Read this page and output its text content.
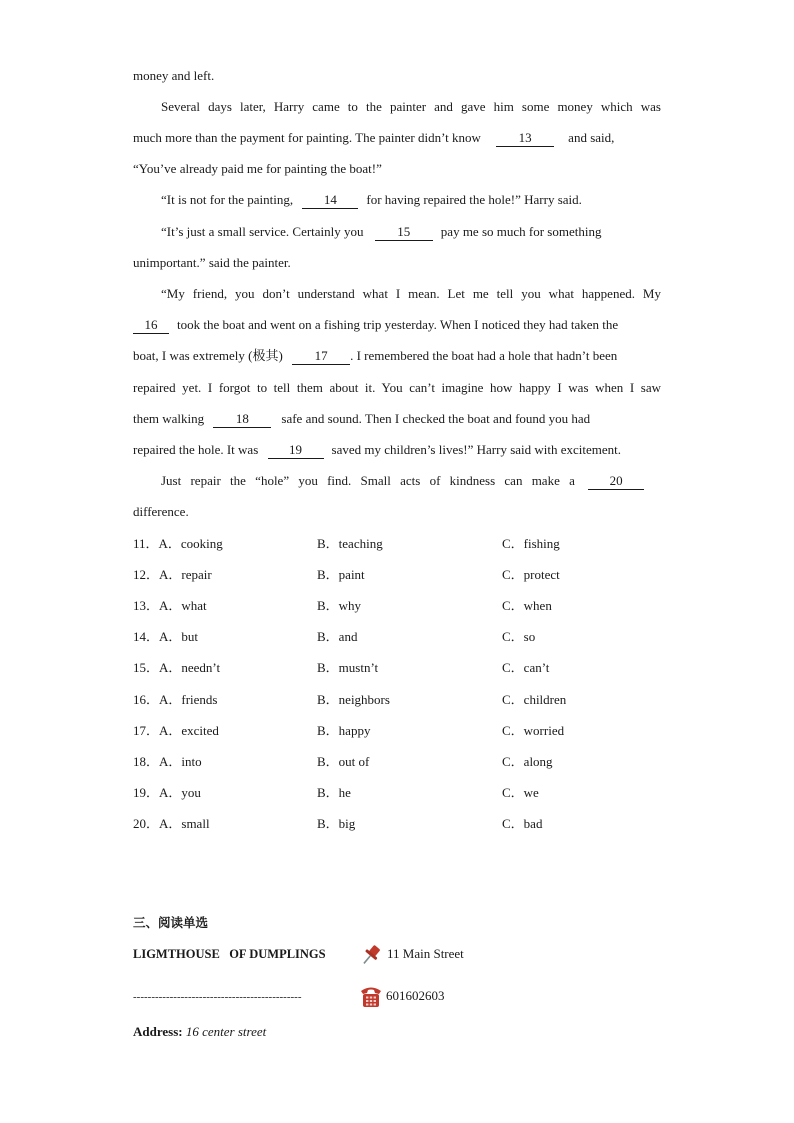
money and left.
Several days later, Harry came to the painter and gave him some money which was
much more than the payment for painting. The painter didn’t know	13	and said,
“You’ve already paid me for painting the boat!”
“It is not for the painting, 14 for having repaired the hole!” Harry said.
“It’s just a small service. Certainly you	15 pay me so much for something
unimportant.” said the painter.
“My friend, you don’t understand what I mean. Let me tell you what happened. My
16 took the boat and went on a fishing trip yesterday. When I noticed they had taken the
boat, I was extremely (极其) 17 . I remembered the boat had a hole that hadn’t been
repaired yet. I forgot to tell them about it. You can’t imagine how happy I was when I saw
them walking 18	safe and sound. Then I checked the boat and found you had
repaired the hole. It was 19 saved my children’s lives!” Harry said with excitement.
Just repair the “hole” you find. Small acts of kindness can make a	20
difference.
11．A．cooking	B．teaching	C．fishing
12．A．repair	B．paint	C．protect
13．A．what	B．why	C．when
14．A．but	B．and	C．so
15．A．needn’t	B．mustn’t	C．can’t
16．A．friends	B．neighbors	C．children
17．A．excited	B．happy	C．worried
18．A．into	B．out of	C．along
19．A．you	B．he	C．we
20．A．small	B．big	C．bad
三、阅读单选
LIGMTHOUSE   OF DUMPLINGS	11 Main Street
----------------------------------------------	601602603
Address: 16 center street
